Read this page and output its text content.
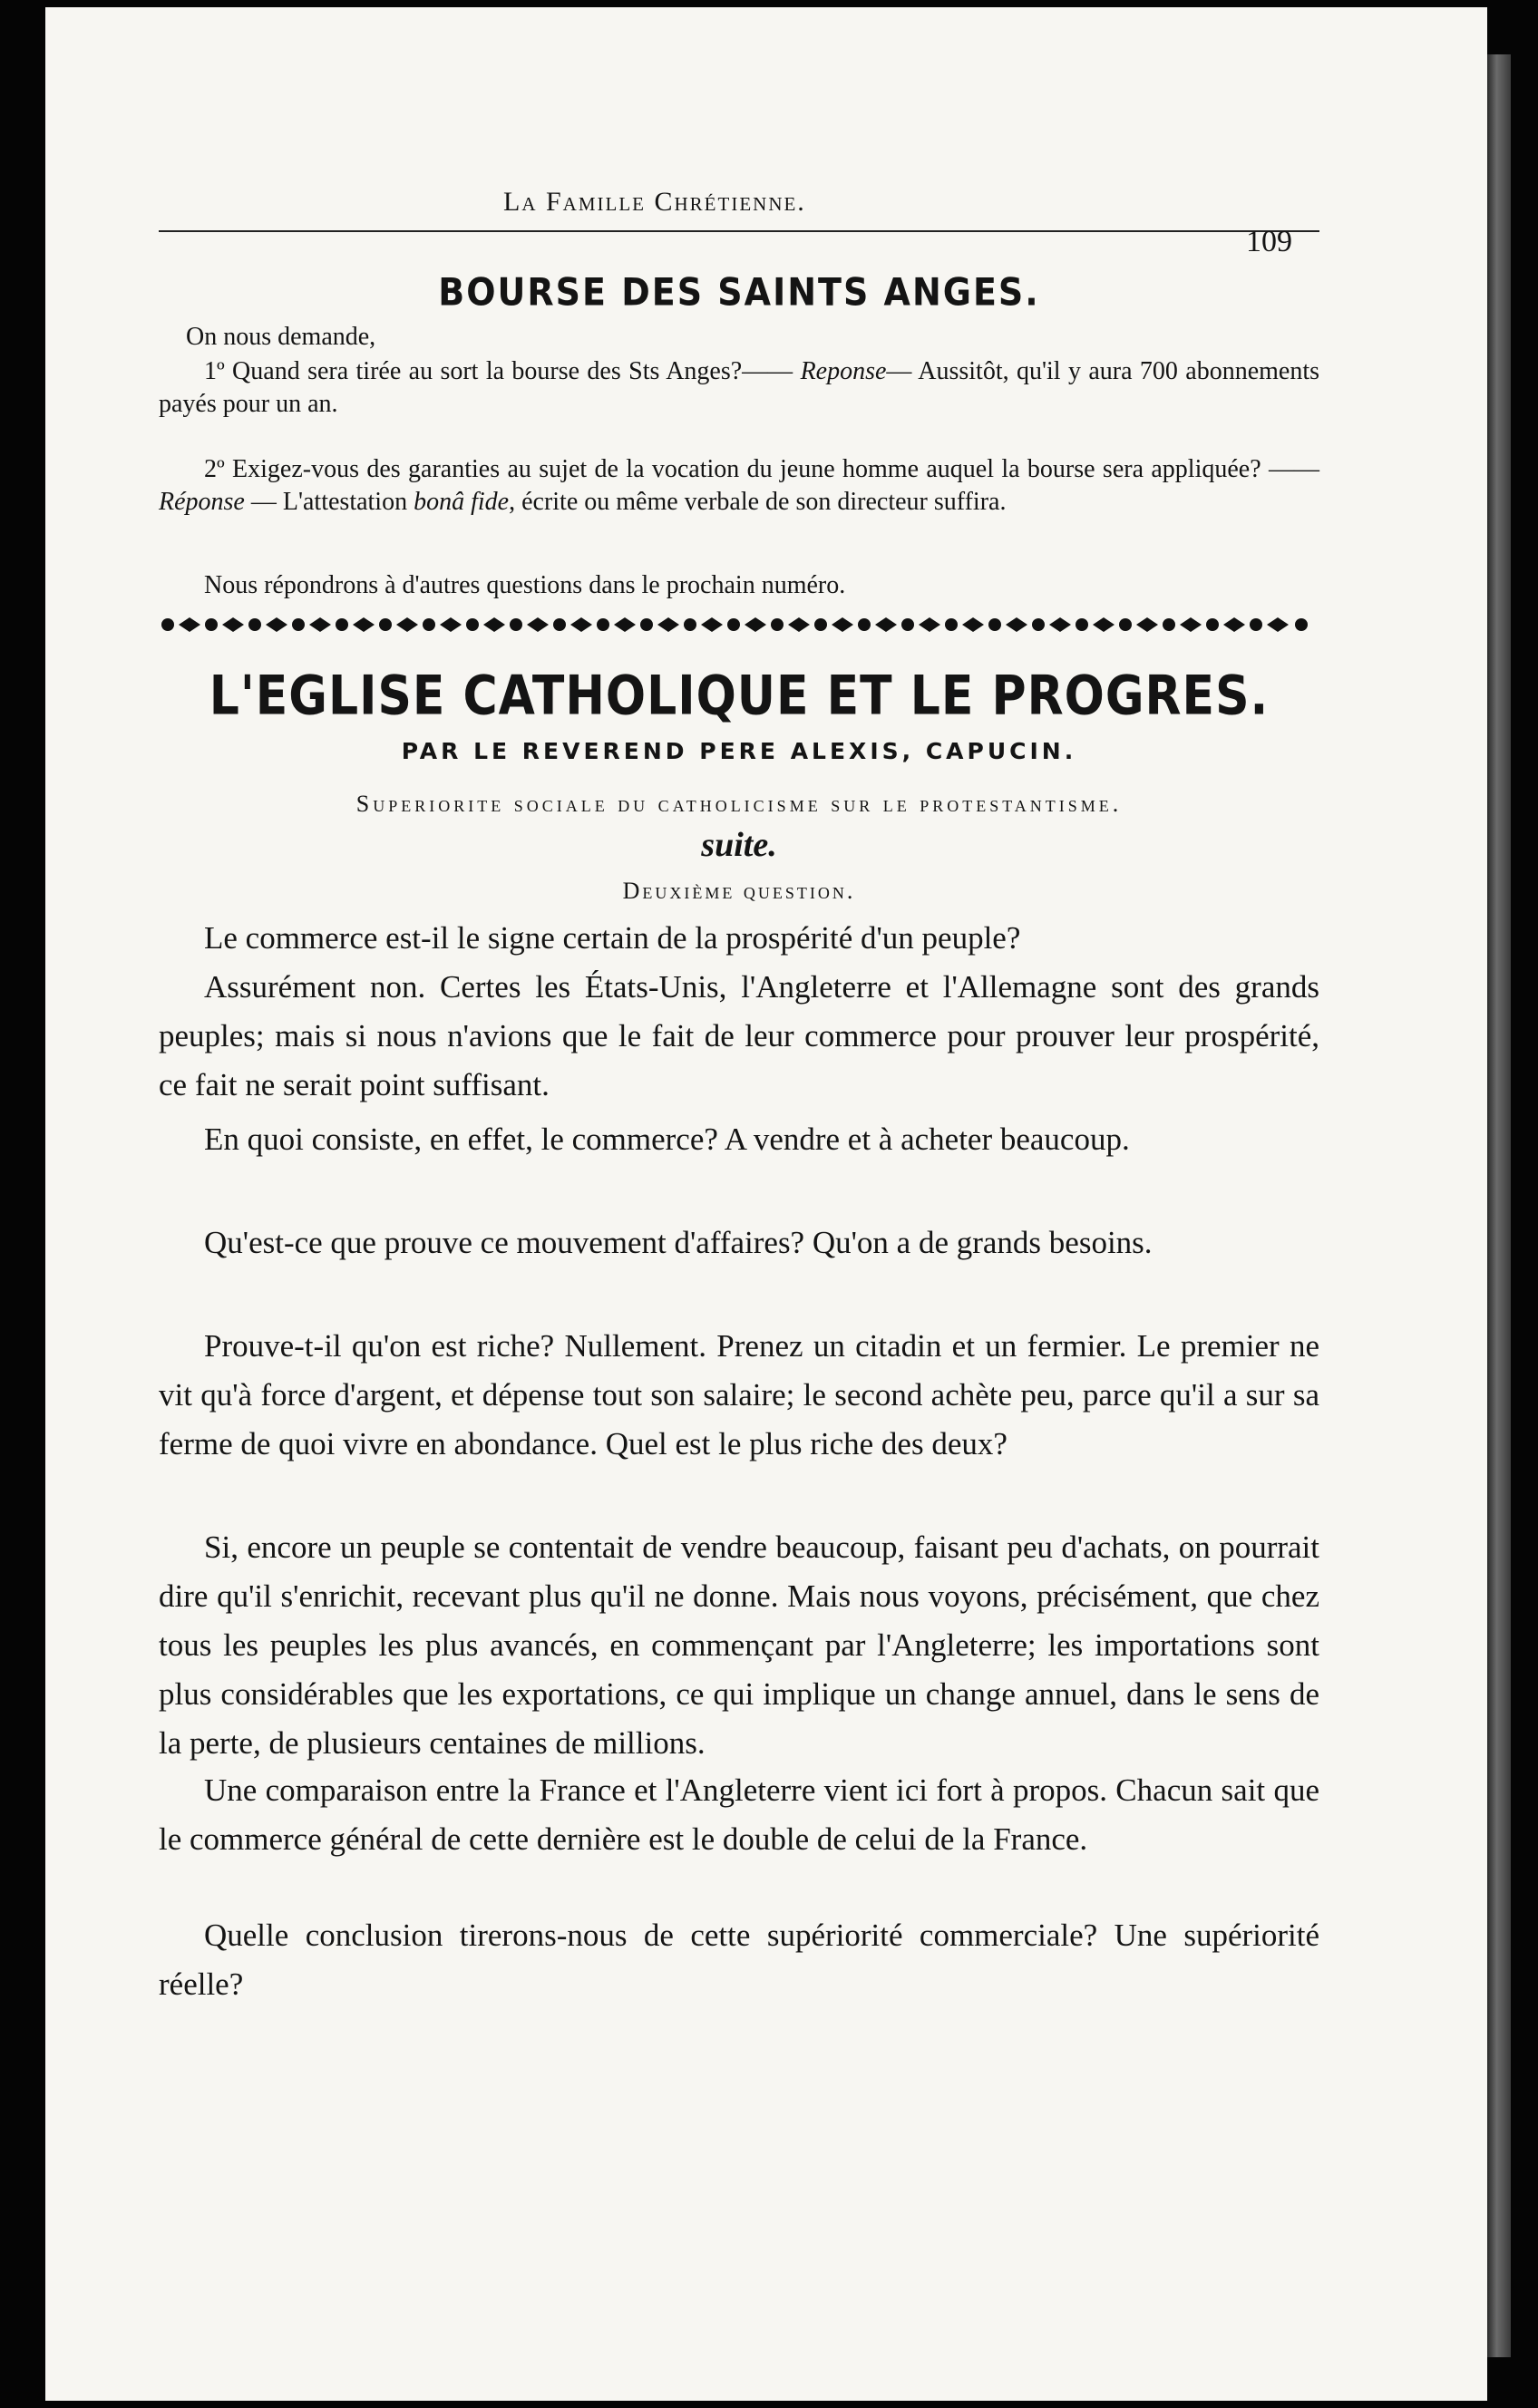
La Famille Chrétienne.
109
BOURSE DES SAINTS ANGES.

On nous demande,

1º Quand sera tirée au sort la bourse des Sts Anges?—— Reponse— Aussitôt, qu'il y aura 700 abonnements payés pour un an.

2º Exigez-vous des garanties au sujet de la vocation du jeune homme auquel la bourse sera appliquée? —— Réponse — L'attestation bonâ fide, écrite ou même verbale de son directeur suffira.

Nous répondrons à d'autres questions dans le prochain numéro.

L'EGLISE CATHOLIQUE ET LE PROGRES.
PAR LE REVEREND PERE ALEXIS, CAPUCIN.
Superiorite sociale du catholicisme sur le protestantisme.
suite.
Deuxième question.

Le commerce est-il le signe certain de la prospérité d'un peuple?

Assurément non. Certes les États-Unis, l'Angleterre et l'Allemagne sont des grands peuples; mais si nous n'avions que le fait de leur commerce pour prouver leur prospérité, ce fait ne serait point suffisant.

En quoi consiste, en effet, le commerce? A vendre et à acheter beaucoup.

Qu'est-ce que prouve ce mouvement d'affaires? Qu'on a de grands besoins.

Prouve-t-il qu'on est riche? Nullement. Prenez un citadin et un fermier. Le premier ne vit qu'à force d'argent, et dépense tout son salaire; le second achète peu, parce qu'il a sur sa ferme de quoi vivre en abondance. Quel est le plus riche des deux?

Si, encore un peuple se contentait de vendre beaucoup, faisant peu d'achats, on pourrait dire qu'il s'enrichit, recevant plus qu'il ne donne. Mais nous voyons, précisément, que chez tous les peuples les plus avancés, en commençant par l'Angleterre; les importations sont plus considérables que les exportations, ce qui implique un change annuel, dans le sens de la perte, de plusieurs centaines de millions.

Une comparaison entre la France et l'Angleterre vient ici fort à propos. Chacun sait que le commerce général de cette dernière est le double de celui de la France.

Quelle conclusion tirerons-nous de cette supériorité commerciale? Une supériorité réelle?
